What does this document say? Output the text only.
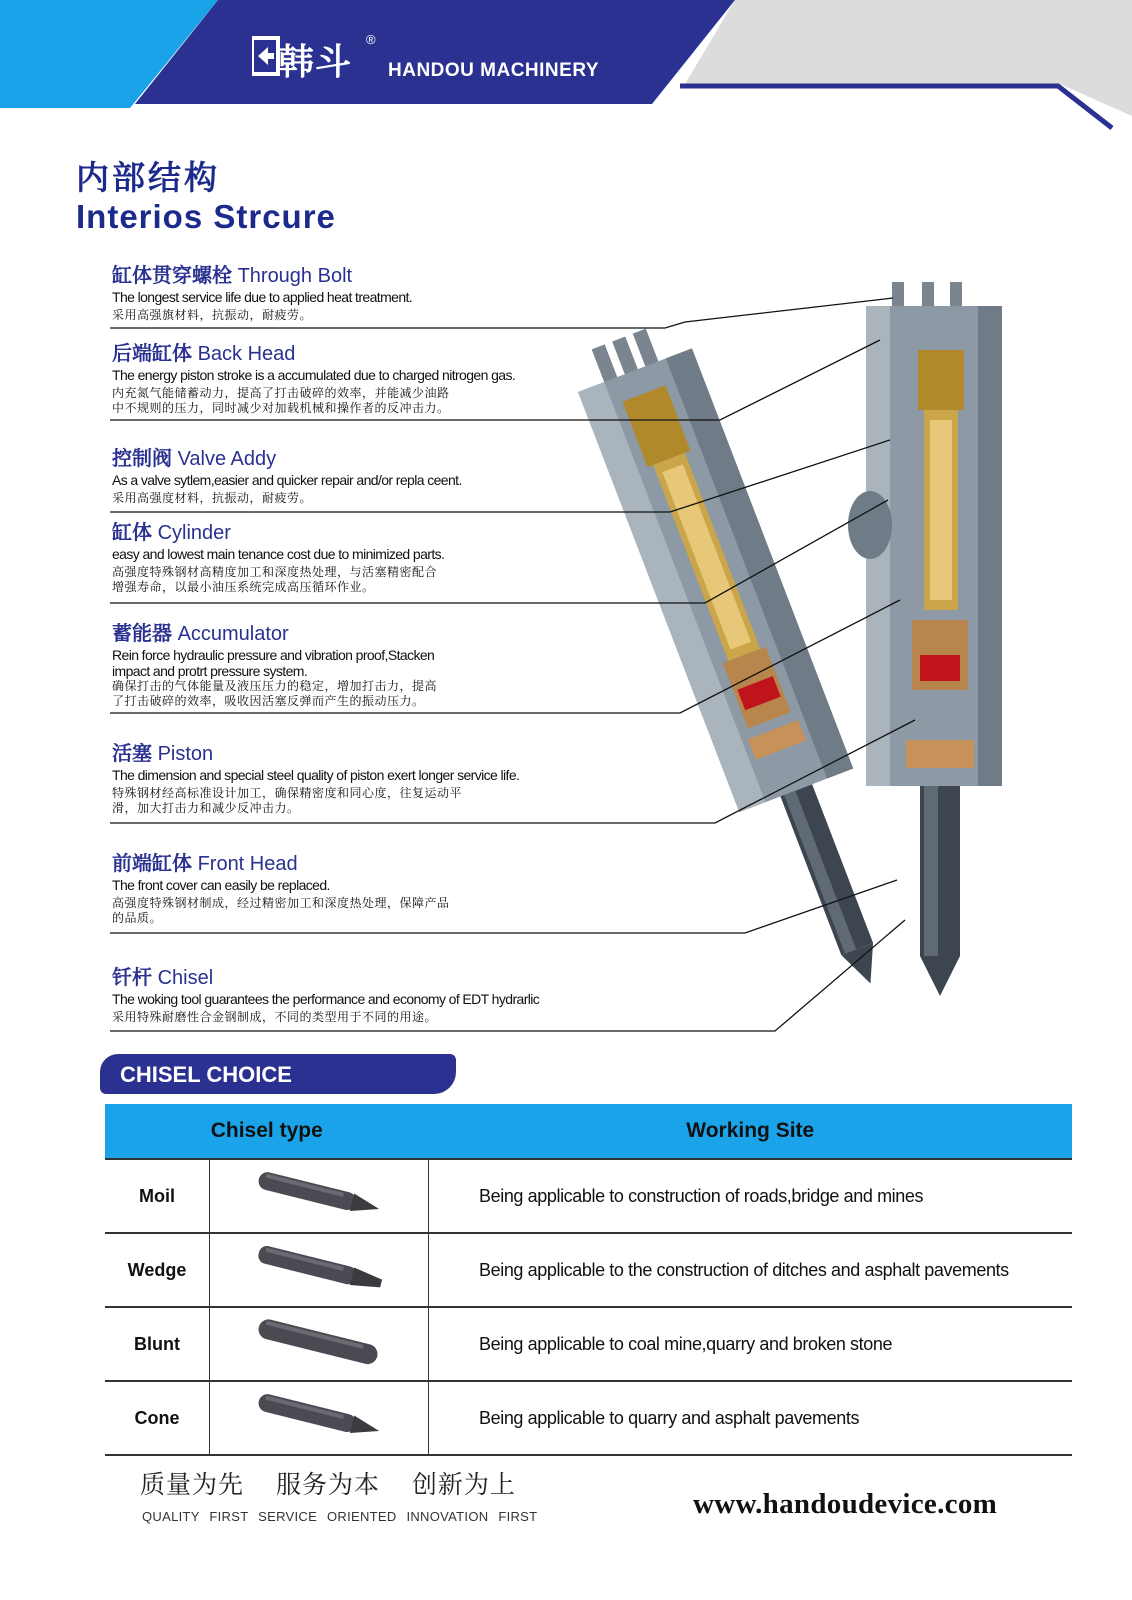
韩斗
®
HANDOU MACHINERY
内部结构
Interios Strcure
缸体贯穿螺栓 Through Bolt
The longest service life due to applied heat treatment.
采用高强旗材料，抗振动，耐疲劳。
后端缸体 Back Head
The energy piston stroke is a accumulated due to charged nitrogen gas.
内充氮气能储蓄动力，提高了打击破碎的效率，并能减少油路
中不规则的压力，同时减少对加载机械和操作者的反冲击力。
控制阀 Valve Addy
As a valve sytlem,easier and quicker repair and/or repla ceent.
采用高强度材料，抗振动，耐疲劳。
缸体 Cylinder
easy and lowest main tenance cost due to minimized parts.
高强度特殊钢材高精度加工和深度热处理，与活塞精密配合
增强寿命，以最小油压系统完成高压循环作业。
蓄能器 Accumulator
Rein force hydraulic pressure and vibration proof,Stacken
impact and protrt pressure system.
确保打击的气体能量及液压压力的稳定，增加打击力，提高
了打击破碎的效率，吸收因活塞反弹而产生的振动压力。
活塞 Piston
The dimension and special steel quality of piston exert longer service life.
特殊钢材经高标准设计加工，确保精密度和同心度，往复运动平
滑，加大打击力和减少反冲击力。
前端缸体 Front Head
The front cover can easily be replaced.
高强度特殊钢材制成，经过精密加工和深度热处理，保障产品
的品质。
钎杆 Chisel
The woking tool guarantees the performance and economy of EDT hydrarlic
采用特殊耐磨性合金钢制成，不同的类型用于不同的用途。
CHISEL CHOICE
Chisel type		Working Site
Moil		Being applicable to construction of roads,bridge and mines
Wedge		Being applicable to the construction of ditches and asphalt pavements
Blunt		Being applicable to coal mine,quarry and broken stone
Cone		Being applicable to quarry and asphalt pavements
质量为先 服务为本 创新为上
QUALITY FIRST SERVICE ORIENTED INNOVATION FIRST	www.handoudevice.com
